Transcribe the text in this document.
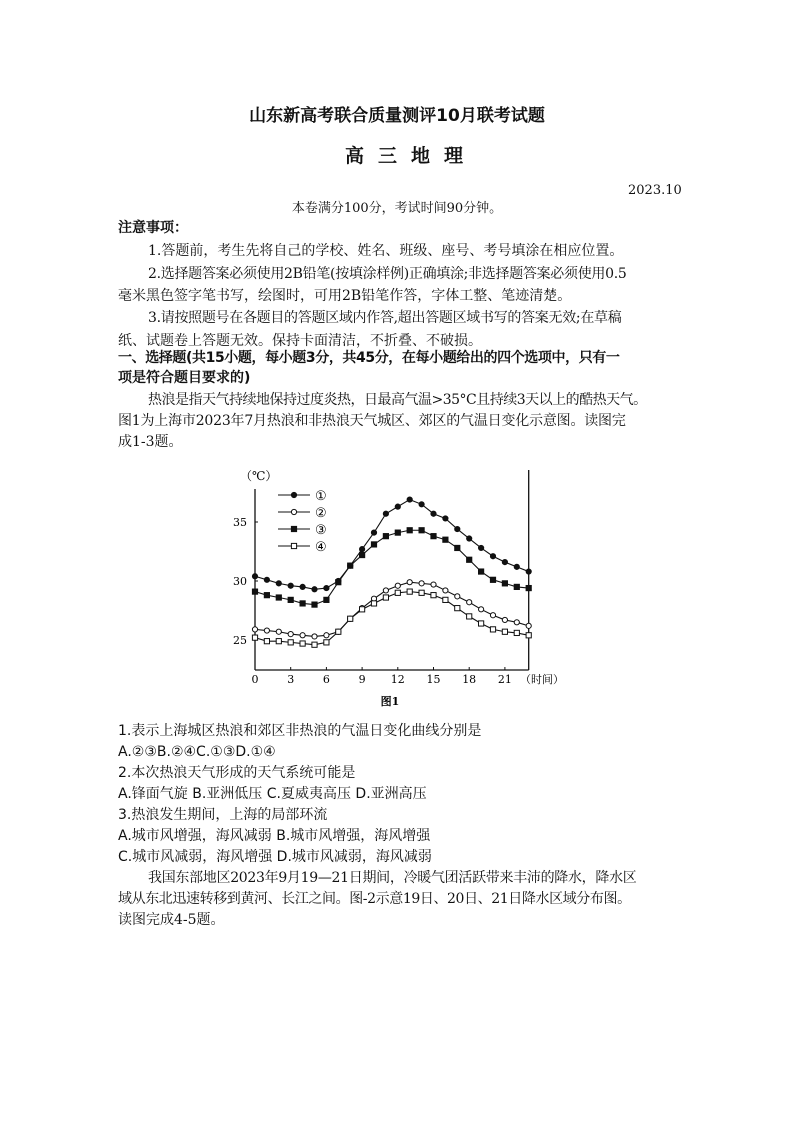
山东新高考联合质量测评10月联考试题
高三地理
2023.10
本卷满分100分，考试时间90分钟。
注意事项：
1.答题前，考生先将自己的学校、姓名、班级、座号、考号填涂在相应位置。
2.选择题答案必须使用2B铅笔(按填涂样例)正确填涂;非选择题答案必须使用0.5
毫米黑色签字笔书写，绘图时，可用2B铅笔作答，字体工整、笔迹清楚。
3.请按照题号在各题目的答题区域内作答,超出答题区域书写的答案无效;在草稿
纸、试题卷上答题无效。保持卡面清洁，不折叠、不破损。
一、选择题(共15小题，每小题3分，共45分，在每小题给出的四个选项中，只有一
项是符合题目要求的)
热浪是指天气持续地保持过度炎热，日最高气温>35°C且持续3天以上的酷热天气。
图1为上海市2023年7月热浪和非热浪天气城区、郊区的气温日变化示意图。读图完
成1-3题。
0	3	6	9 12 15 18 21
25
30
35
①
②
③
④
（℃）
（时间）
图1
1.表示上海城区热浪和郊区非热浪的气温日变化曲线分别是
A.②③B.②④C.①③D.①④
2.本次热浪天气形成的天气系统可能是
A.锋面气旋 B.亚洲低压 C.夏威夷高压 D.亚洲高压
3.热浪发生期间，上海的局部环流
A.城市风增强，海风减弱 B.城市风增强，海风增强
C.城市风减弱，海风增强 D.城市风减弱，海风减弱
我国东部地区2023年9月19—21日期间，冷暖气团活跃带来丰沛的降水，降水区
域从东北迅速转移到黄河、长江之间。图-2示意19日、20日、21日降水区域分布图。
读图完成4-5题。
